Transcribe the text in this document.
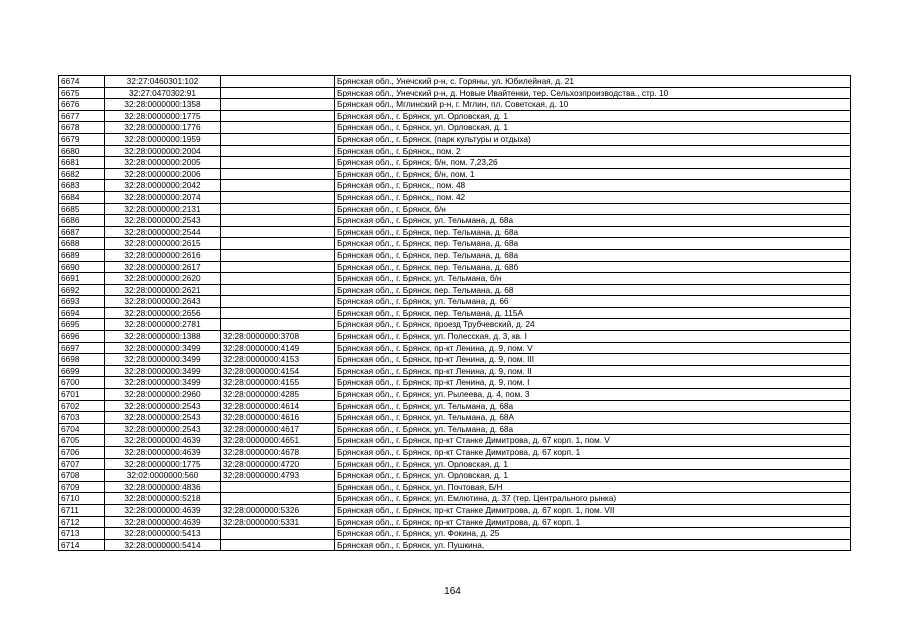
6674	32:27:0460301:102		Брянская обл., Унечский р-н, с. Горяны, ул. Юбилейная, д. 21
6675	32:27:0470302:91		Брянская обл., Унечский р-н, д. Новые Ивайтенки, тер. Сельхозпроизводства., стр. 10
6676	32:28:0000000:1358		Брянская обл., Мглинский р-н, г. Мглин, пл. Советская, д. 10
6677	32:28:0000000:1775		Брянская обл., г. Брянск, ул. Орловская, д. 1
6678	32:28:0000000:1776		Брянская обл., г. Брянск, ул. Орловская, д. 1
6679	32:28:0000000:1959		Брянская обл., г. Брянск, (парк культуры и отдыха)
6680	32:28:0000000:2004		Брянская обл., г. Брянск,, пом. 2
6681	32:28:0000000:2005		Брянская обл., г. Брянск, б/н, пом. 7,23,26
6682	32:28:0000000:2006		Брянская обл., г. Брянск, б/н, пом. 1
6683	32:28:0000000:2042		Брянская обл., г. Брянск,, пом. 48
6684	32:28:0000000:2074		Брянская обл., г. Брянск,, пом. 42
6685	32:28:0000000:2131		Брянская обл., г. Брянск, б/н
6686	32:28:0000000:2543		Брянская обл., г. Брянск, ул. Тельмана, д. 68а
6687	32:28:0000000:2544		Брянская обл., г. Брянск, пер. Тельмана, д. 68а
6688	32:28:0000000:2615		Брянская обл., г. Брянск, пер. Тельмана, д. 68а
6689	32:28:0000000:2616		Брянская обл., г. Брянск, пер. Тельмана, д. 68а
6690	32:28:0000000:2617		Брянская обл., г. Брянск, пер. Тельмана, д. 68б
6691	32:28:0000000:2620		Брянская обл., г. Брянск, ул. Тельмана, б/н
6692	32:28:0000000:2621		Брянская обл., г. Брянск, пер. Тельмана, д. 68
6693	32:28:0000000:2643		Брянская обл., г. Брянск, ул. Тельмана, д. 66
6694	32:28:0000000:2656		Брянская обл., г. Брянск, пер. Тельмана, д. 115А
6695	32:28:0000000:2781		Брянская обл., г. Брянск, проезд Трубчевский, д. 24
6696	32:28:0000000:1388	32:28:0000000:3708	Брянская обл., г. Брянск, ул. Полесская, д. 3, кв. I
6697	32:28:0000000:3499	32:28:0000000:4149	Брянская обл., г. Брянск, пр-кт Ленина, д. 9, пом. V
6698	32:28:0000000:3499	32:28:0000000:4153	Брянская обл., г. Брянск, пр-кт Ленина, д. 9, пом. III
6699	32:28:0000000:3499	32:28:0000000:4154	Брянская обл., г. Брянск, пр-кт Ленина, д. 9, пом. II
6700	32:28:0000000:3499	32:28:0000000:4155	Брянская обл., г. Брянск, пр-кт Ленина, д. 9, пом. I
6701	32:28:0000000:2960	32:28:0000000:4285	Брянская обл., г. Брянск, ул. Рылеева, д. 4, пом. 3
6702	32:28:0000000:2543	32:28:0000000:4614	Брянская обл., г. Брянск, ул. Тельмана, д. 68а
6703	32:28:0000000:2543	32:28:0000000:4616	Брянская обл., г. Брянск, ул. Тельмана, д. 68А
6704	32:28:0000000:2543	32:28:0000000:4617	Брянская обл., г. Брянск, ул. Тельмана, д. 68а
6705	32:28:0000000:4639	32:28:0000000:4651	Брянская обл., г. Брянск, пр-кт Станке Димитрова, д. 67 корп. 1, пом. V
6706	32:28:0000000:4639	32:28:0000000:4678	Брянская обл., г. Брянск, пр-кт Станке Димитрова, д. 67 корп. 1
6707	32:28:0000000:1775	32:28:0000000:4720	Брянская обл., г. Брянск, ул. Орловская, д. 1
6708	32:02:0000000:560	32:28:0000000:4793	Брянская обл., г. Брянск, ул. Орловская, д. 1
6709	32:28:0000000:4836		Брянская обл., г. Брянск, ул. Почтовая, Б/Н
6710	32:28:0000000:5218		Брянская обл., г. Брянск, ул. Емлютина, д. 37 (тер. Центрального рынка)
6711	32:28:0000000:4639	32:28:0000000:5326	Брянская обл., г. Брянск, пр-кт Станке Димитрова, д. 67 корп. 1, пом. VII
6712	32:28:0000000:4639	32:28:0000000:5331	Брянская обл., г. Брянск, пр-кт Станке Димитрова, д. 67 корп. 1
6713	32:28:0000000:5413		Брянская обл., г. Брянск, ул. Фокина, д. 25
6714	32:28:0000000:5414		Брянская обл., г. Брянск, ул. Пушкина,
164
